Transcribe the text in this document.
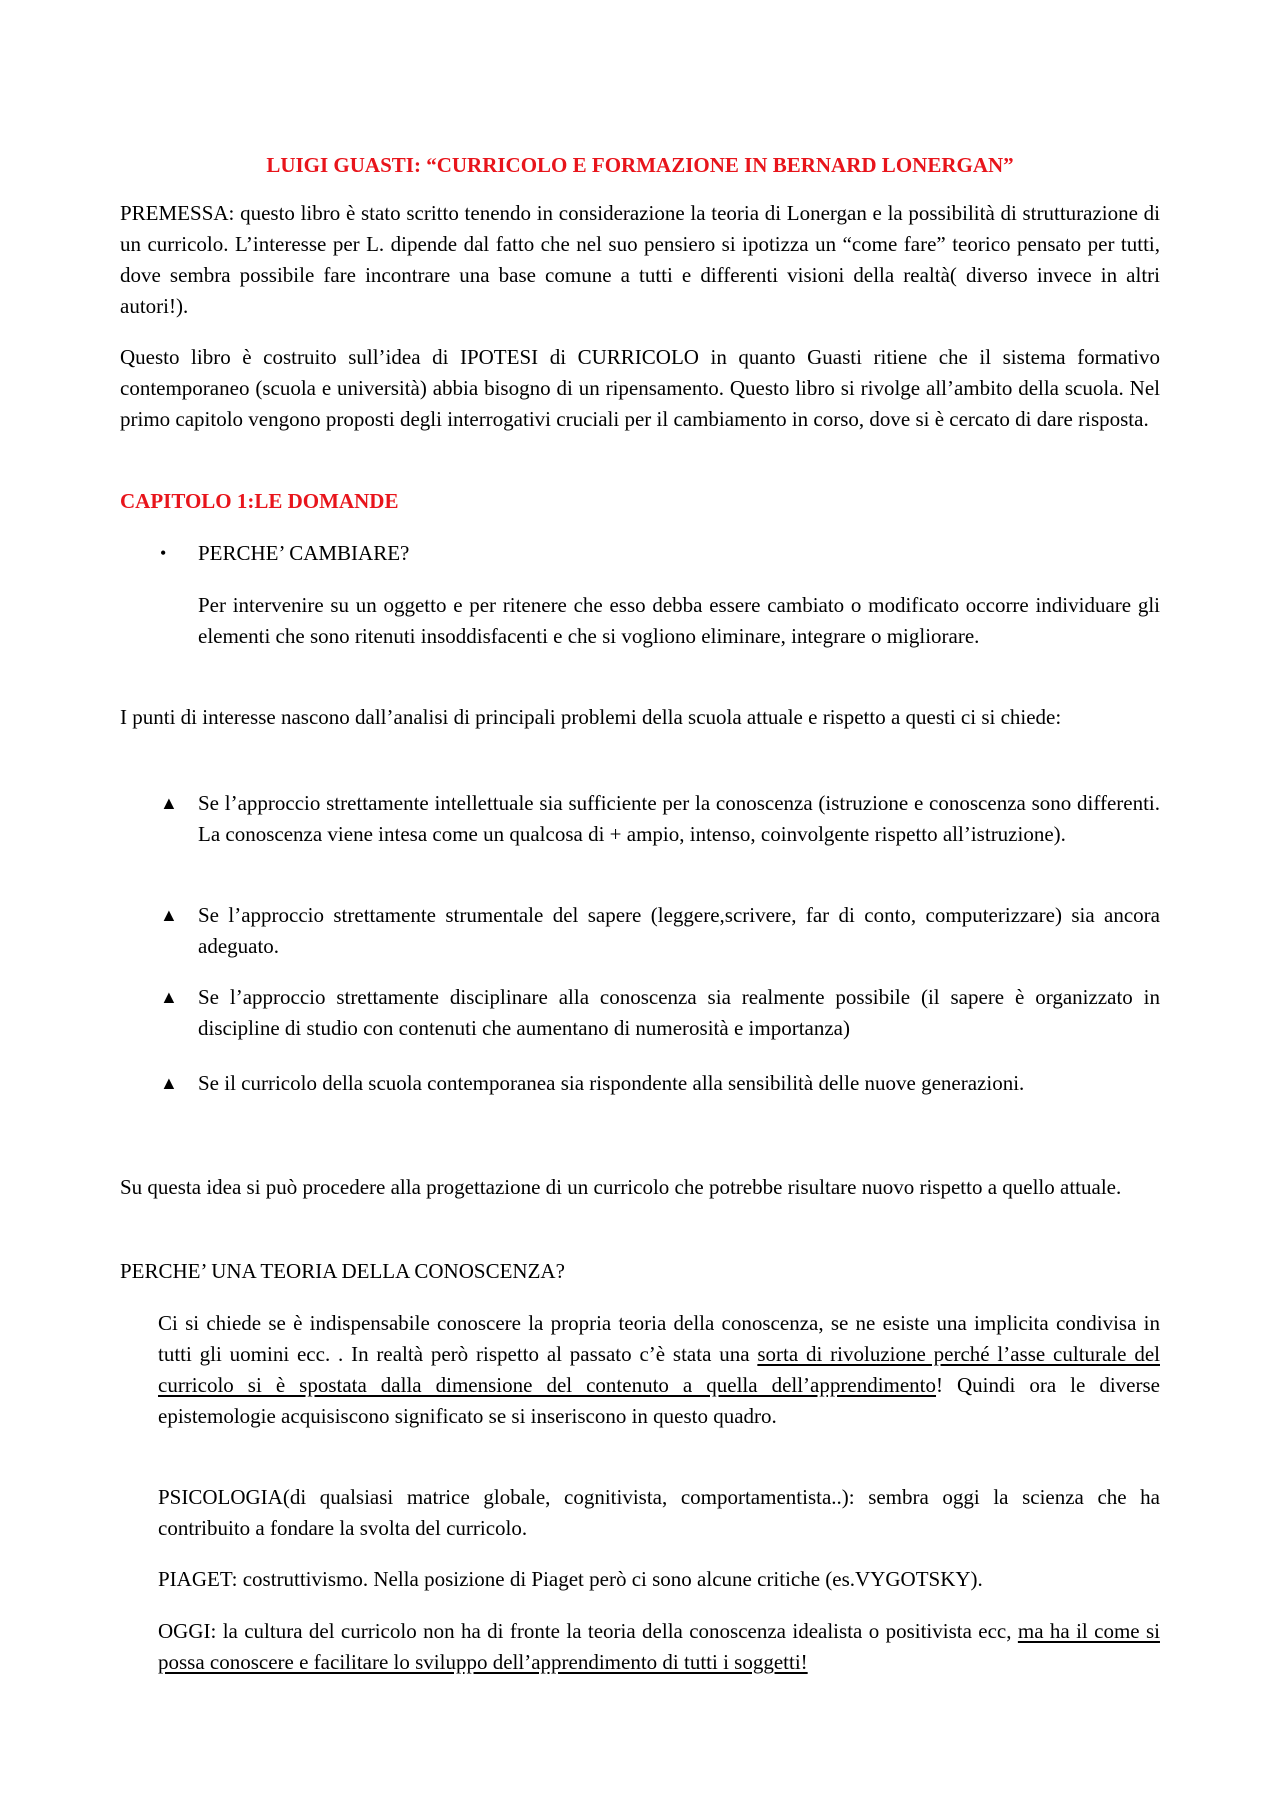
LUIGI GUASTI: “CURRICOLO E FORMAZIONE IN BERNARD LONERGAN”
PREMESSA: questo libro è stato scritto tenendo in considerazione la teoria di Lonergan e la possibilità di strutturazione di un curricolo. L’interesse per L. dipende dal fatto che nel suo pensiero si ipotizza un “come fare” teorico pensato per tutti, dove sembra possibile fare incontrare una base comune a tutti e differenti visioni della realtà( diverso invece in altri autori!).
Questo libro è costruito sull’idea di IPOTESI di CURRICOLO in quanto Guasti ritiene che il sistema formativo contemporaneo (scuola e università) abbia bisogno di un ripensamento. Questo libro si rivolge all’ambito della scuola. Nel primo capitolo vengono proposti degli interrogativi cruciali per il cambiamento in corso, dove si è cercato di dare risposta.
CAPITOLO 1:LE DOMANDE
• PERCHE’ CAMBIARE?
Per intervenire su un oggetto e per ritenere che esso debba essere cambiato o modificato occorre individuare gli elementi che sono ritenuti insoddisfacenti e che si vogliono eliminare, integrare o migliorare.
I punti di interesse nascono dall’analisi di principali problemi della scuola attuale e rispetto a questi ci si chiede:
▲ Se l’approccio strettamente intellettuale sia sufficiente per la conoscenza (istruzione e conoscenza sono differenti. La conoscenza viene intesa come un qualcosa di + ampio, intenso, coinvolgente rispetto all’istruzione).
▲ Se l’approccio strettamente strumentale del sapere (leggere,scrivere, far di conto, computerizzare) sia ancora adeguato.
▲ Se l’approccio strettamente disciplinare alla conoscenza sia realmente possibile (il sapere è organizzato in discipline di studio con contenuti che aumentano di numerosità e importanza)
▲ Se il curricolo della scuola contemporanea sia rispondente alla sensibilità delle nuove generazioni.
Su questa idea si può procedere alla progettazione di un curricolo che potrebbe risultare nuovo rispetto a quello attuale.
PERCHE’ UNA TEORIA DELLA CONOSCENZA?
Ci si chiede se è indispensabile conoscere la propria teoria della conoscenza, se ne esiste una implicita condivisa in tutti gli uomini ecc. . In realtà però rispetto al passato c’è stata una sorta di rivoluzione perché l’asse culturale del curricolo si è spostata dalla dimensione del contenuto a quella dell’apprendimento! Quindi ora le diverse epistemologie acquisiscono significato se si inseriscono in questo quadro.
PSICOLOGIA(di qualsiasi matrice globale, cognitivista, comportamentista..): sembra oggi la scienza che ha contribuito a fondare la svolta del curricolo.
PIAGET: costruttivismo. Nella posizione di Piaget però ci sono alcune critiche (es.VYGOTSKY).
OGGI: la cultura del curricolo non ha di fronte la teoria della conoscenza idealista o positivista ecc, ma ha il come si possa conoscere e facilitare lo sviluppo dell’apprendimento di tutti i soggetti!
